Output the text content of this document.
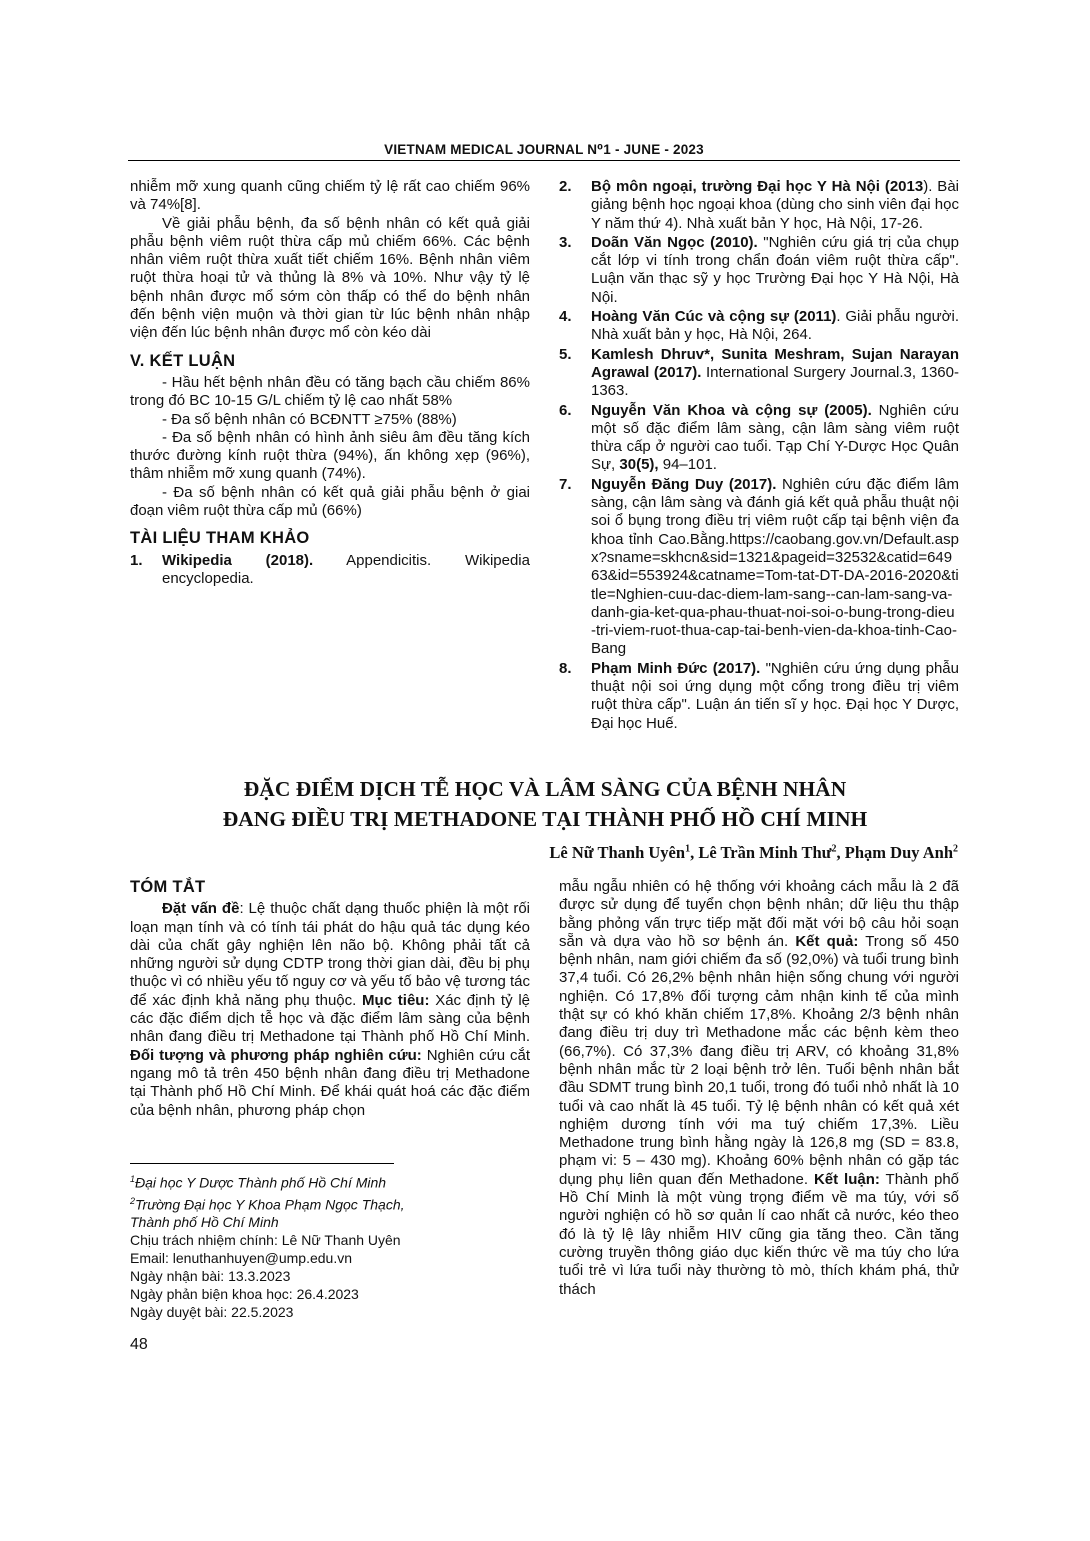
VIETNAM MEDICAL JOURNAL N⁰1 - JUNE - 2023

nhiễm mỡ xung quanh cũng chiếm tỷ lệ rất cao chiếm 96% và 74%[8].

Về giải phẫu bệnh, đa số bệnh nhân có kết quả giải phẫu bệnh viêm ruột thừa cấp mủ chiếm 66%. Các bệnh nhân viêm ruột thừa xuất tiết chiếm 16%. Bệnh nhân viêm ruột thừa hoại tử và thủng là 8% và 10%. Như vậy tỷ lệ bệnh nhân được mổ sớm còn thấp có thể do bệnh nhân đến bệnh viện muộn và thời gian từ lúc bệnh nhân nhập viện đến lúc bệnh nhân được mổ còn kéo dài

V. KẾT LUẬN

- Hầu hết bệnh nhân đều có tăng bạch cầu chiếm 86% trong đó BC 10-15 G/L chiếm tỷ lệ cao nhất 58%

- Đa số bệnh nhân có BCĐNTT ≥75% (88%)

- Đa số bệnh nhân có hình ảnh siêu âm đều tăng kích thước đường kính ruột thừa (94%), ấn không xẹp (96%), thâm nhiễm mỡ xung quanh (74%).

- Đa số bệnh nhân có kết quả giải phẫu bệnh ở giai đoạn viêm ruột thừa cấp mủ (66%)

TÀI LIỆU THAM KHẢO
1.	Wikipedia (2018). Appendicitis. Wikipedia encyclopedia.
2.	Bộ môn ngoại, trường Đại học Y Hà Nội (2013). Bài giảng bệnh học ngoại khoa (dùng cho sinh viên đại học Y năm thứ 4). Nhà xuất bản Y học, Hà Nội, 17-26.
3.	Doãn Văn Ngọc (2010). "Nghiên cứu giá trị của chụp cắt lớp vi tính trong chẩn đoán viêm ruột thừa cấp". Luận văn thạc sỹ y học Trường Đại học Y Hà Nội, Hà Nội.
4.	Hoàng Văn Cúc và cộng sự (2011). Giải phẫu người. Nhà xuất bản y học, Hà Nội, 264.
5.	Kamlesh Dhruv*, Sunita Meshram, Sujan Narayan Agrawal (2017). International Surgery Journal.3, 1360-1363.
6.	Nguyễn Văn Khoa và cộng sự (2005). Nghiên cứu một số đặc điểm lâm sàng, cận lâm sàng viêm ruột thừa cấp ở người cao tuổi. Tạp Chí Y-Dược Học Quân Sự, 30(5), 94–101.
7.	Nguyễn Đăng Duy (2017). Nghiên cứu đặc điểm lâm sàng, cận lâm sàng và đánh giá kết quả phẫu thuật nội soi ổ bụng trong điều trị viêm ruột cấp tại bệnh viện đa khoa tỉnh Cao.Bằng.https://caobang.gov.vn/Default.aspx?sname=skhcn&sid=1321&pageid=32532&catid=64963&id=553924&catname=Tom-tat-DT-DA-2016-2020&title=Nghien-cuu-dac-diem-lam-sang--can-lam-sang-va-danh-gia-ket-qua-phau-thuat-noi-soi-o-bung-trong-dieu-tri-viem-ruot-thua-cap-tai-benh-vien-da-khoa-tinh-Cao-Bang
8.	Phạm Minh Đức (2017). "Nghiên cứu ứng dụng phẫu thuật nội soi ứng dụng một cổng trong điều trị viêm ruột thừa cấp". Luận án tiến sĩ y học. Đại học Y Dược, Đại học Huế.
ĐẶC ĐIỂM DỊCH TỄ HỌC VÀ LÂM SÀNG CỦA BỆNH NHÂN
ĐANG ĐIỀU TRỊ METHADONE TẠI THÀNH PHỐ HỒ CHÍ MINH
Lê Nữ Thanh Uyên$^1$, Lê Trần Minh Thư$^2$, Phạm Duy Anh$^2$
TÓM TẮT

Đặt vấn đề: Lệ thuộc chất dạng thuốc phiện là một rối loạn mạn tính và có tính tái phát do hậu quả tác dụng kéo dài của chất gây nghiện lên não bộ. Không phải tất cả những người sử dụng CDTP trong thời gian dài, đều bị phụ thuộc vì có nhiều yếu tố nguy cơ và yếu tố bảo vệ tương tác để xác định khả năng phụ thuộc. Mục tiêu: Xác định tỷ lệ các đặc điểm dịch tễ học và đặc điểm lâm sàng của bệnh nhân đang điều trị Methadone tại Thành phố Hồ Chí Minh. Đối tượng và phương pháp nghiên cứu: Nghiên cứu cắt ngang mô tả trên 450 bệnh nhân đang điều trị Methadone tại Thành phố Hồ Chí Minh. Để khái quát hoá các đặc điểm của bệnh nhân, phương pháp chọn

mẫu ngẫu nhiên có hệ thống với khoảng cách mẫu là 2 đã được sử dụng để tuyển chọn bệnh nhân; dữ liệu thu thập bằng phỏng vấn trực tiếp mặt đối mặt với bộ câu hỏi soạn sẵn và dựa vào hồ sơ bệnh án. Kết quả: Trong số 450 bệnh nhân, nam giới chiếm đa số (92,0%) và tuổi trung bình 37,4 tuổi. Có 26,2% bệnh nhân hiện sống chung với người nghiện. Có 17,8% đối tượng cảm nhận kinh tế của mình thật sự có khó khăn chiếm 17,8%. Khoảng 2/3 bệnh nhân đang điều trị duy trì Methadone mắc các bệnh kèm theo (66,7%). Có 37,3% đang điều trị ARV, có khoảng 31,8% bệnh nhân mắc từ 2 loại bệnh trở lên. Tuổi bệnh nhân bắt đầu SDMT trung bình 20,1 tuổi, trong đó tuổi nhỏ nhất là 10 tuổi và cao nhất là 45 tuổi. Tỷ lệ bệnh nhân có kết quả xét nghiệm dương tính với ma tuý chiếm 17,3%. Liều Methadone trung bình hằng ngày là 126,8 mg (SD = 83.8, phạm vi: 5 – 430 mg). Khoảng 60% bệnh nhân có gặp tác dụng phụ liên quan đến Methadone. Kết luận: Thành phố Hồ Chí Minh là một vùng trọng điểm về ma túy, với số người nghiện có hồ sơ quản lí cao nhất cả nước, kéo theo đó là tỷ lệ lây nhiễm HIV cũng gia tăng theo. Cần tăng cường truyền thông giáo dục kiến thức về ma túy cho lứa tuổi trẻ vì lứa tuổi này thường tò mò, thích khám phá, thử thách

$^1$Đại học Y Dược Thành phố Hồ Chí Minh
$^2$Trường Đại học Y Khoa Phạm Ngọc Thạch,
Thành phố Hồ Chí Minh
Chịu trách nhiệm chính: Lê Nữ Thanh Uyên
Email: lenuthanhuyen@ump.edu.vn
Ngày nhận bài: 13.3.2023
Ngày phản biện khoa học: 26.4.2023
Ngày duyệt bài: 22.5.2023
48
